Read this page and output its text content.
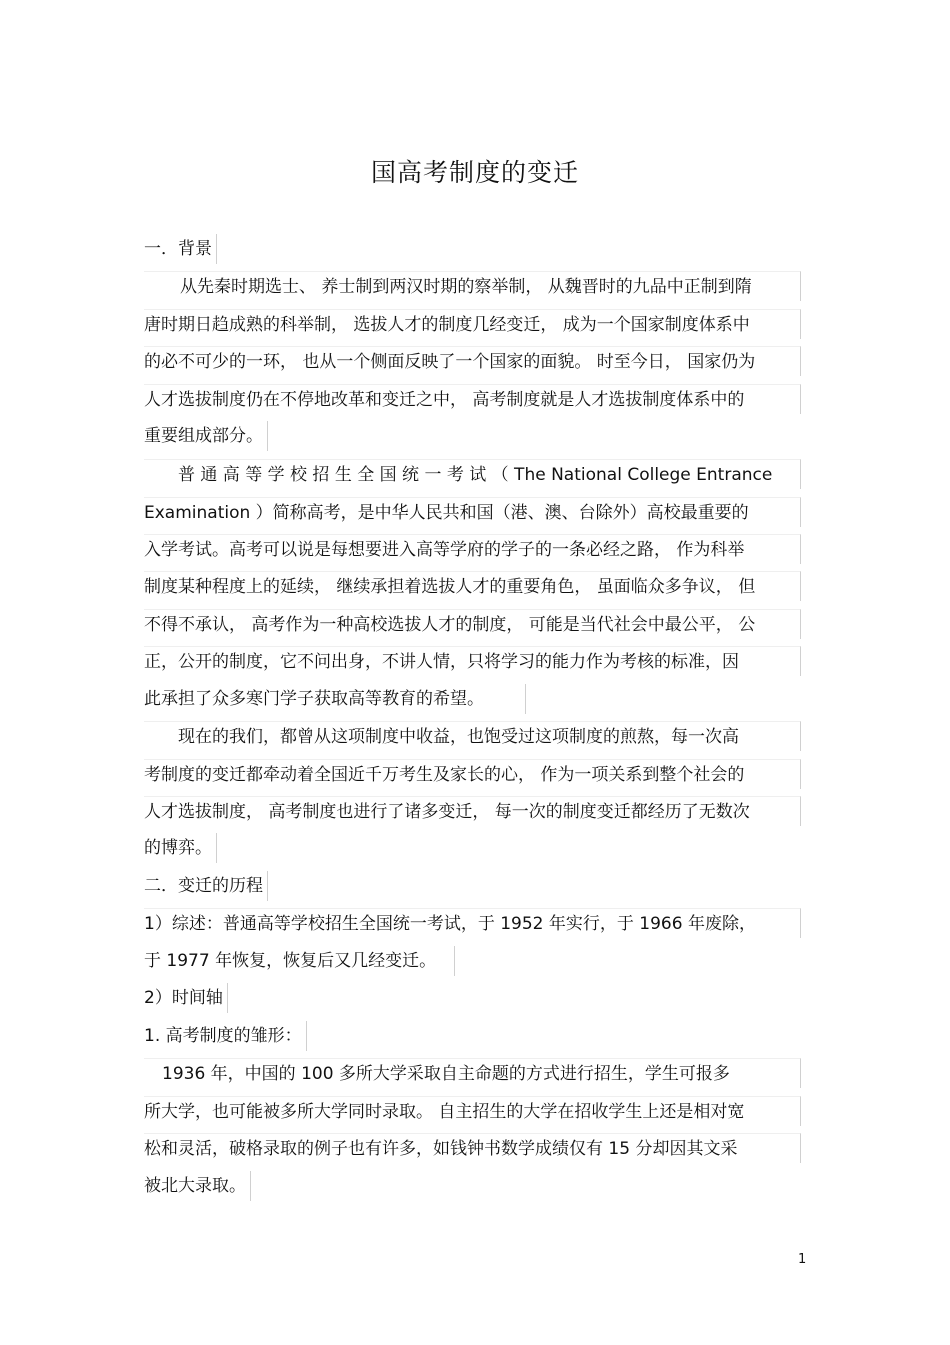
国高考制度的变迁
一．背景
从先秦时期选士、 养士制到两汉时期的察举制， 从魏晋时的九品中正制到隋
唐时期日趋成熟的科举制， 选拔人才的制度几经变迁， 成为一个国家制度体系中
的必不可少的一环， 也从一个侧面反映了一个国家的面貌。 时至今日， 国家仍为
人才选拔制度仍在不停地改革和变迁之中， 高考制度就是人才选拔制度体系中的
重要组成部分。
普 通 高 等 学 校 招 生 全 国 统 一 考 试 （ The National College Entrance
Examination ）简称高考，是中华人民共和国（港、澳、台除外）高校最重要的
入学考试。高考可以说是每想要进入高等学府的学子的一条必经之路， 作为科举
制度某种程度上的延续， 继续承担着选拔人才的重要角色， 虽面临众多争议， 但
不得不承认， 高考作为一种高校选拔人才的制度， 可能是当代社会中最公平， 公
正，公开的制度，它不问出身，不讲人情，只将学习的能力作为考核的标准，因
此承担了众多寒门学子获取高等教育的希望。
现在的我们，都曾从这项制度中收益，也饱受过这项制度的煎熬，每一次高
考制度的变迁都牵动着全国近千万考生及家长的心， 作为一项关系到整个社会的
人才选拔制度， 高考制度也进行了诸多变迁， 每一次的制度变迁都经历了无数次
的博弈。
二．变迁的历程
1）综述：普通高等学校招生全国统一考试，于 1952 年实行，于 1966 年废除，
于 1977 年恢复，恢复后又几经变迁。
2）时间轴
1. 高考制度的雏形：
1936 年，中国的 100 多所大学采取自主命题的方式进行招生，学生可报多
所大学，也可能被多所大学同时录取。 自主招生的大学在招收学生上还是相对宽
松和灵活，破格录取的例子也有许多，如钱钟书数学成绩仅有 15 分却因其文采
被北大录取。
1
